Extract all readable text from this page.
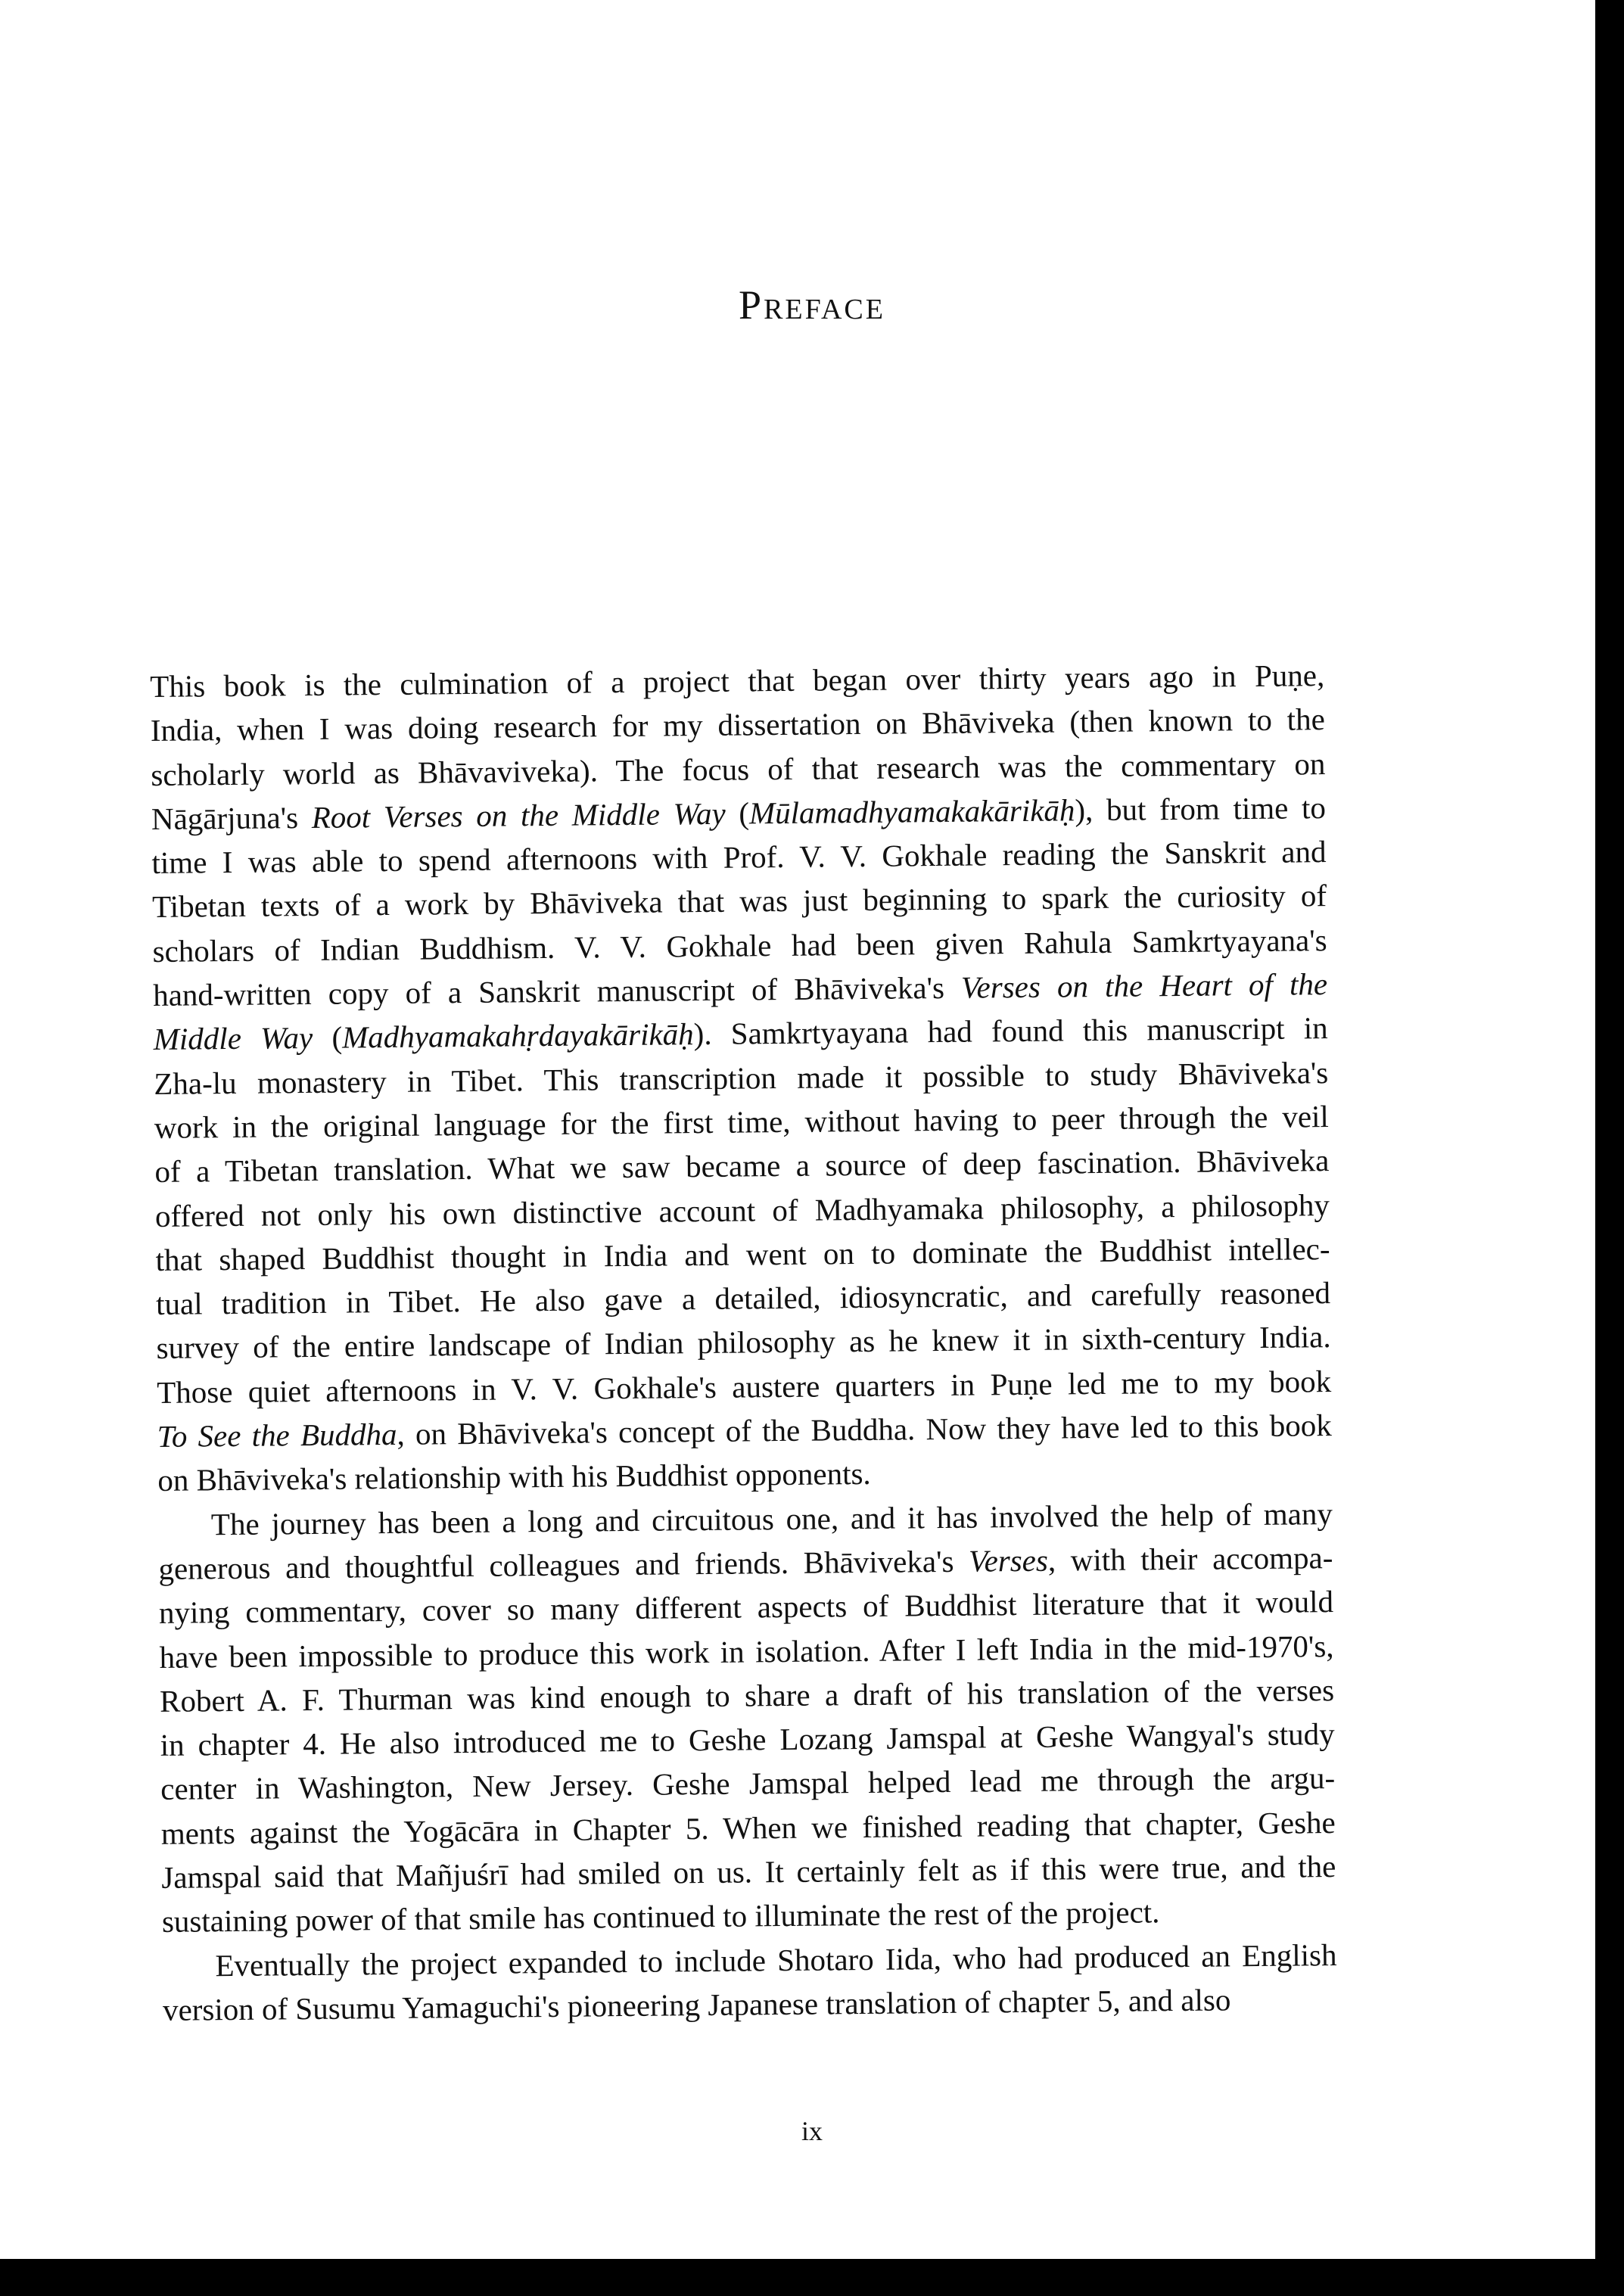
Preface
This book is the culmination of a project that began over thirty years ago in Puṇe,
India, when I was doing research for my dissertation on Bhāviveka (then known to the
scholarly world as Bhāvaviveka). The focus of that research was the commentary on
Nāgārjuna's Root Verses on the Middle Way (Mūlamadhyamakakārikāḥ), but from time to
time I was able to spend afternoons with Prof. V. V. Gokhale reading the Sanskrit and
Tibetan texts of a work by Bhāviveka that was just beginning to spark the curiosity of
scholars of Indian Buddhism. V. V. Gokhale had been given Rahula Samkrtyayana's
hand-written copy of a Sanskrit manuscript of Bhāviveka's Verses on the Heart of the
Middle Way (Madhyamakahṛdayakārikāḥ). Samkrtyayana had found this manuscript in
Zha-lu monastery in Tibet. This transcription made it possible to study Bhāviveka's
work in the original language for the first time, without having to peer through the veil
of a Tibetan translation. What we saw became a source of deep fascination. Bhāviveka
offered not only his own distinctive account of Madhyamaka philosophy, a philosophy
that shaped Buddhist thought in India and went on to dominate the Buddhist intellec-
tual tradition in Tibet. He also gave a detailed, idiosyncratic, and carefully reasoned
survey of the entire landscape of Indian philosophy as he knew it in sixth-century India.
Those quiet afternoons in V. V. Gokhale's austere quarters in Puṇe led me to my book
To See the Buddha, on Bhāviveka's concept of the Buddha. Now they have led to this book
on Bhāviveka's relationship with his Buddhist opponents.
The journey has been a long and circuitous one, and it has involved the help of many
generous and thoughtful colleagues and friends. Bhāviveka's Verses, with their accompa-
nying commentary, cover so many different aspects of Buddhist literature that it would
have been impossible to produce this work in isolation. After I left India in the mid-1970's,
Robert A. F. Thurman was kind enough to share a draft of his translation of the verses
in chapter 4. He also introduced me to Geshe Lozang Jamspal at Geshe Wangyal's study
center in Washington, New Jersey. Geshe Jamspal helped lead me through the argu-
ments against the Yogācāra in Chapter 5. When we finished reading that chapter, Geshe
Jamspal said that Mañjuśrī had smiled on us. It certainly felt as if this were true, and the
sustaining power of that smile has continued to illuminate the rest of the project.
Eventually the project expanded to include Shotaro Iida, who had produced an English
version of Susumu Yamaguchi's pioneering Japanese translation of chapter 5, and also
ix
